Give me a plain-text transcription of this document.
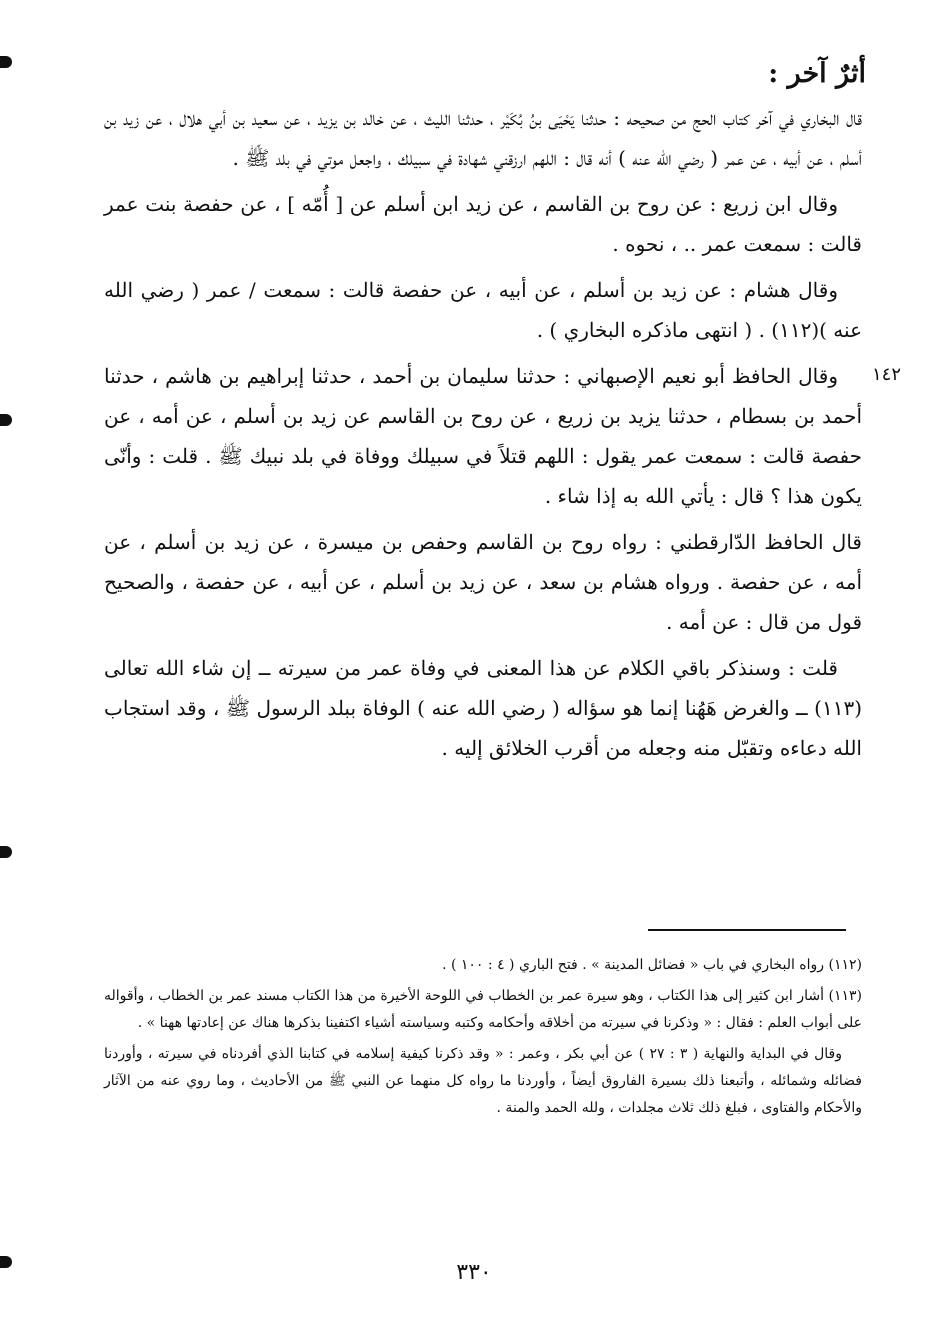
أثرٌ آخر :

قال البخاري في آخر كتاب الحج من صحيحه : حدثنا يَحْيَى بنُ بُكَيْر ، حدثنا الليث ، عن خالد بن يزيد ، عن سعيد بن أبي هلال ، عن زيد بن أسلم ، عن أبيه ، عن عمر ( رضي الله عنه ) أنه قال : اللهم ارزقني شهادة في سبيلك ، واجعل موتي في بلد ﷺ .

وقال ابن زريع : عن روح بن القاسم ، عن زيد ابن أسلم عن [ أُمّه ] ، عن حفصة بنت عمر قالت : سمعت عمر .. ، نحوه .

وقال هشام : عن زيد بن أسلم ، عن أبيه ، عن حفصة قالت : سمعت / عمر ( رضي الله عنه )(١١٢) . ( انتهى ماذكره البخاري ) .

وقال الحافظ أبو نعيم الإصبهاني : حدثنا سليمان بن أحمد ، حدثنا إبراهيم بن هاشم ، حدثنا أحمد بن بسطام ، حدثنا يزيد بن زريع ، عن روح بن القاسم عن زيد بن أسلم ، عن أمه ، عن حفصة قالت : سمعت عمر يقول : اللهم قتلاً في سبيلك ووفاة في بلد نبيك ﷺ . قلت : وأنّى يكون هذا ؟ قال : يأتي الله به إذا شاء .

قال الحافظ الدّارقطني : رواه روح بن القاسم وحفص بن ميسرة ، عن زيد بن أسلم ، عن أمه ، عن حفصة . ورواه هشام بن سعد ، عن زيد بن أسلم ، عن أبيه ، عن حفصة ، والصحيح قول من قال : عن أمه .

قلت : وسنذكر باقي الكلام عن هذا المعنى في وفاة عمر من سيرته ــ إن شاء الله تعالى (١١٣) ــ والغرض هَهُنا إنما هو سؤاله ( رضي الله عنه ) الوفاة ببلد الرسول ﷺ ، وقد استجاب الله دعاءه وتقبّل منه وجعله من أقرب الخلائق إليه .

١٤٢

(١١٢) رواه البخاري في باب « فضائل المدينة » . فتح الباري ( ٤ : ١٠٠ ) .

(١١٣) أشار ابن كثير إلى هذا الكتاب ، وهو سيرة عمر بن الخطاب في اللوحة الأخيرة من هذا الكتاب مسند عمر بن الخطاب ، وأقواله على أبواب العلم : فقال : « وذكرنا في سيرته من أخلاقه وأحكامه وكتبه وسياسته أشياء اكتفينا بذكرها هناك عن إعادتها ههنا » .

وقال في البداية والنهاية ( ٣ : ٢٧ ) عن أبي بكر ، وعمر : « وقد ذكرنا كيفية إسلامه في كتابنا الذي أفردناه في سيرته ، وأوردنا فضائله وشمائله ، وأتبعنا ذلك بسيرة الفاروق أيضاً ، وأوردنا ما رواه كل منهما عن النبي ﷺ من الأحاديث ، وما روي عنه من الآثار والأحكام والفتاوى ، فبلغ ذلك ثلاث مجلدات ، ولله الحمد والمنة .

٣٣٠
